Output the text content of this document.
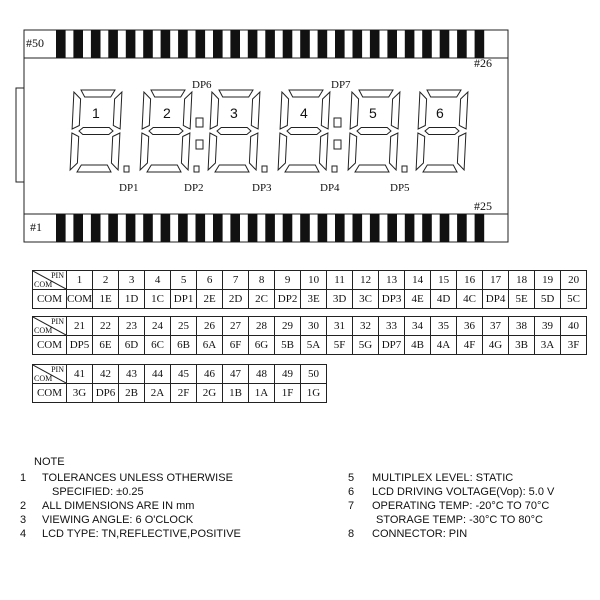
#50
#26
#25
#1
1	2	3	4	5	6
DP6	DP7
DP1	DP2	DP3	DP4	DP5
PIN
COM	1	2	3	4	5	6	7	8	9	10	11	12	13	14	15	16	17	18	19	20
COM	COM	1E	1D	1C	DP1	2E	2D	2C	DP2	3E	3D	3C	DP3	4E	4D	4C	DP4	5E	5D	5C
PIN
COM	21	22	23	24	25	26	27	28	29	30	31	32	33	34	35	36	37	38	39	40
COM	DP5	6E	6D	6C	6B	6A	6F	6G	5B	5A	5F	5G	DP7	4B	4A	4F	4G	3B	3A	3F
PIN
COM	41	42	43	44	45	46	47	48	49	50
COM	3G	DP6	2B	2A	2F	2G	1B	1A	1F	1G
NOTE
1 TOLERANCES UNLESS OTHERWISE
SPECIFIED: ±0.25
2 ALL DIMENSIONS ARE IN mm
3 VIEWING ANGLE: 6 O'CLOCK
4 LCD TYPE: TN,REFLECTIVE,POSITIVE
5 MULTIPLEX LEVEL: STATIC
6 LCD DRIVING VOLTAGE(Vop): 5.0 V
7 OPERATING TEMP: -20°C TO 70°C
STORAGE TEMP: -30°C TO 80°C
8 CONNECTOR: PIN
